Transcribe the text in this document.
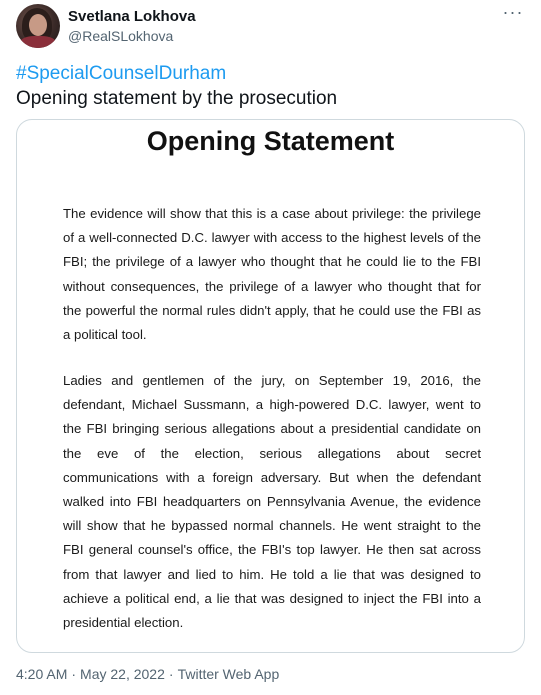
Svetlana Lokhova
@RealSLokhova
···
#SpecialCounselDurham
Opening statement by the prosecution
Opening Statement
The evidence will show that this is a case about privilege: the privilege of a well-connected D.C. lawyer with access to the highest levels of the FBI; the privilege of a lawyer who thought that he could lie to the FBI without consequences, the privilege of a lawyer who thought that for the powerful the normal rules didn't apply, that he could use the FBI as a political tool.
Ladies and gentlemen of the jury, on September 19, 2016, the defendant, Michael Sussmann, a high-powered D.C. lawyer, went to the FBI bringing serious allegations about a presidential candidate on the eve of the election, serious allegations about secret communications with a foreign adversary. But when the defendant walked into FBI headquarters on Pennsylvania Avenue, the evidence will show that he bypassed normal channels. He went straight to the FBI general counsel's office, the FBI's top lawyer. He then sat across from that lawyer and lied to him. He told a lie that was designed to achieve a political end, a lie that was designed to inject the FBI into a presidential election.
4:20 AM · May 22, 2022 · Twitter Web App
